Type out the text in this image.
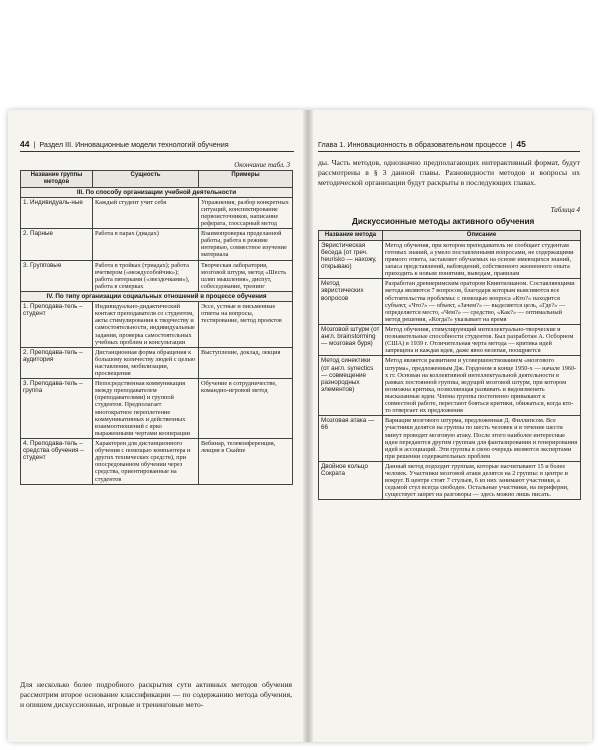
44  |  Раздел III. Инновационные модели технологий обучения
Окончание табл. 3
Название группы методов	Сущность	Примеры
III. По способу организации учебной деятельности		
1. Индивидуаль-ные	Каждый студент учит себя	Упражнения, разбор конкретных ситуаций, конспектирование первоисточников, написание реферата, глоссарный метод
2. Парные	Работа в парах (диадах)	Взаимопроверка проделанной работы, работа в режиме интервью, совместное изучение материала
3. Групповые	Работа в тройках (триадах); работа вчетвером («междусобойчик»); работа пятерками («звездочками»), работа в семерках	Творческая лаборатория, мозговой штурм, метод «Шесть шляп мышления», диспут, собеседование, тренинг
IV. По типу организации социальных отношений в процессе обучения		
1. Преподава-тель – студент	Индивидуально-дидактический контакт преподавателя со студентом, акты стимулирования к творчеству и самостоятельности, индивидуальные задания, проверка самостоятельных учебных проблем и консультации	Эссе, устные и письменные ответы на вопросы, тестирование, метод проектов
2. Преподава-тель – аудитория	Дистанционная форма обращения к большому количеству людей с целью наставления, мобилизации, просвещения	Выступление, доклад, лекция
3. Преподава-тель – группа	Непосредственная коммуникация между преподавателем (преподавателями) и группой студентов. Предполагает многократное переплетение коммуникативных и действенных взаимоотношений с ярко выраженными чертами кооперации	Обучение в сотрудничестве, командно-игровой метод
4. Преподава-тель – средства обучения – студент	Характерен для дистанционного обучения с помощью компьютера и других технических средств), при опосредованном обучении через средства, ориентированные на студентов	Вебинар, телеконференция, лекция в Скайпе
Для несколько более подробного раскрытия сути активных методов обучения рассмотрим второе основание классификации — по содержанию метода обучения, и опишем дискуссионные, игровые и тренинговые мето-
Глава 1. Инновационность в образовательном процессе  |  45
ды. Часть методов, однозначно предполагающих интерактивный формат, будут рассмотрены в § 3 данной главы. Разновидности методов и вопросы их методической организации будут раскрыты в последующих главах.
Таблица 4
Дискуссионные методы активного обучения
Название метода	Описание
Эвристическая беседа (от греч. heurisko — нахожу, открываю)	Метод обучения, при котором преподаватель не сообщает студентам готовых знаний, а умело поставленными вопросами, не содержащими прямого ответа, заставляет обучаемых на основе имеющихся знаний, запаса представлений, наблюдений, собственного жизненного опыта приходить к новым понятиям, выводам, правилам
Метод эвристических вопросов	Разработан древнеримским оратором Квинтилианом. Составляющими метода являются 7 вопросов, благодаря которым выясняются все обстоятельства проблемы: с помощью вопроса «Кто?» находится субъект, «Что?» — объект, «Зачем?» — выделяется цель, «Где?» — определяется место, «Чем?» — средство, «Как?» — оптимальный метод решения, «Когда?» указывает на время
Мозговой штурм (от англ. brainstorming — мозговая буря)	Метод обучения, стимулирующий интеллектуально-творческие и познавательные способности студентов. Был разработан А. Осборном (США) в 1939 г. Отличительная черта метода — критика идей запрещена и каждая идея, даже явно нелепая, поощряется
Метод синектики (от англ. synectics — совмещение разнородных элементов)	Метод является развитием и усовершенствованием «мозгового штурма», предложенным Дж. Гордоном в конце 1950-х — начале 1960-х гг. Основан на коллективной интеллектуальной деятельности в рамках постоянной группы, ведущей мозговой штурм, при котором возможна критика, позволяющая развивать и видоизменять высказанные идеи. Члены группы постепенно привыкают к совместной работе, перестают бояться критики, обижаться, когда кто-то отвергает их предложения
Мозговая атака — 66	Вариация мозгового штурма, предложенная Д. Филлипсом. Все участники делятся на группы по шесть человек и в течение шести минут проводят мозговую атаку. После этого наиболее интересные идеи передаются другим группам для фантазирования и генерирования идей и ассоциаций. Эти группы в свою очередь являются экспертами при решении содержательных проблем
Двойное кольцо Сократа	Данный метод подходит группам, которые насчитывают 15 и более человек. Участники мозговой атаки делятся на 2 группы: в центре и вокруг. В центре стоят 7 стульев, 6 из них занимают участники, а седьмой стул всегда свободен. Остальные участники, на периферии, существует запрет на разговоры — здесь можно лишь писать.
